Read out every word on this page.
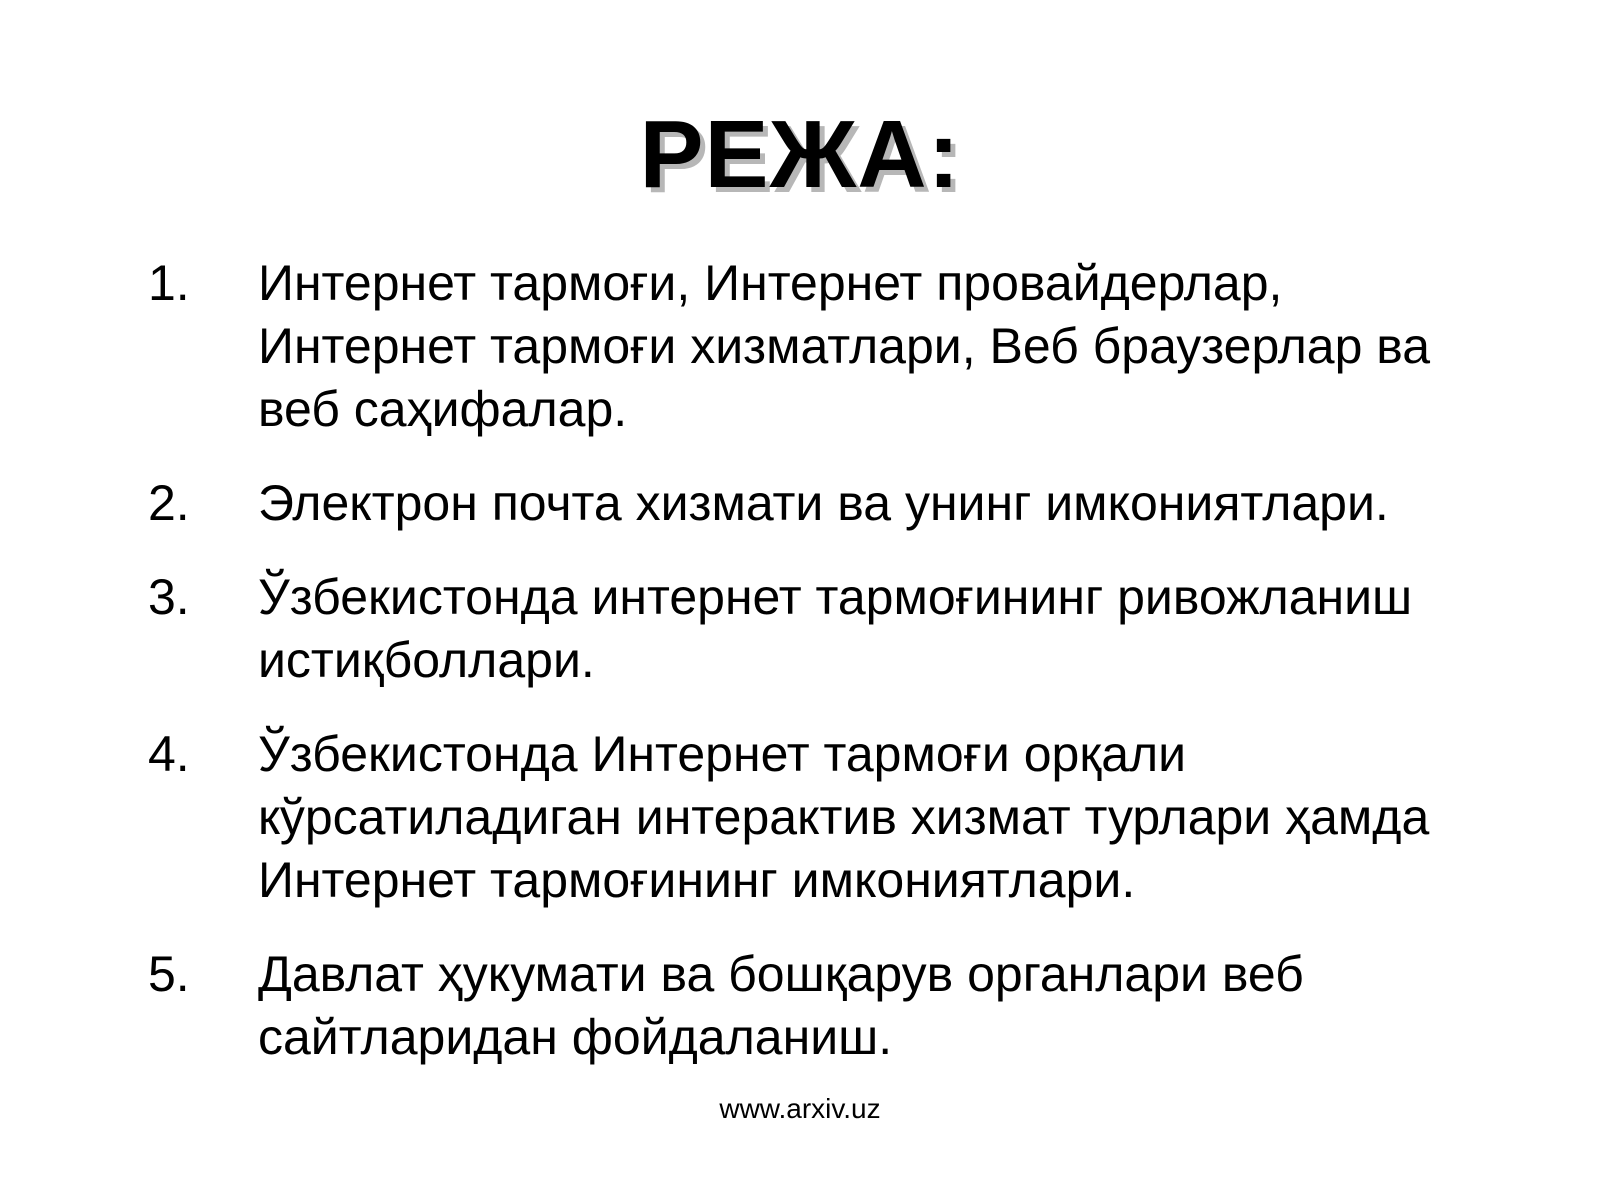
РЕЖА:
1.	Интернет тармоғи, Интернет провайдерлар,
Интернет тармоғи хизматлари, Веб браузерлар ва
веб саҳифалар.
2.	Электрон почта хизмати ва унинг имкониятлари.
3.	Ўзбекистонда интернет тармоғининг ривожланиш
истиқболлари.
4.	Ўзбекистонда Интернет тармоғи орқали
кўрсатиладиган интерактив хизмат турлари ҳамда
Интернет тармоғининг имкониятлари.
5.	Давлат ҳукумати ва бошқарув органлари веб
сайтларидан фойдаланиш.
www.arxiv.uz
